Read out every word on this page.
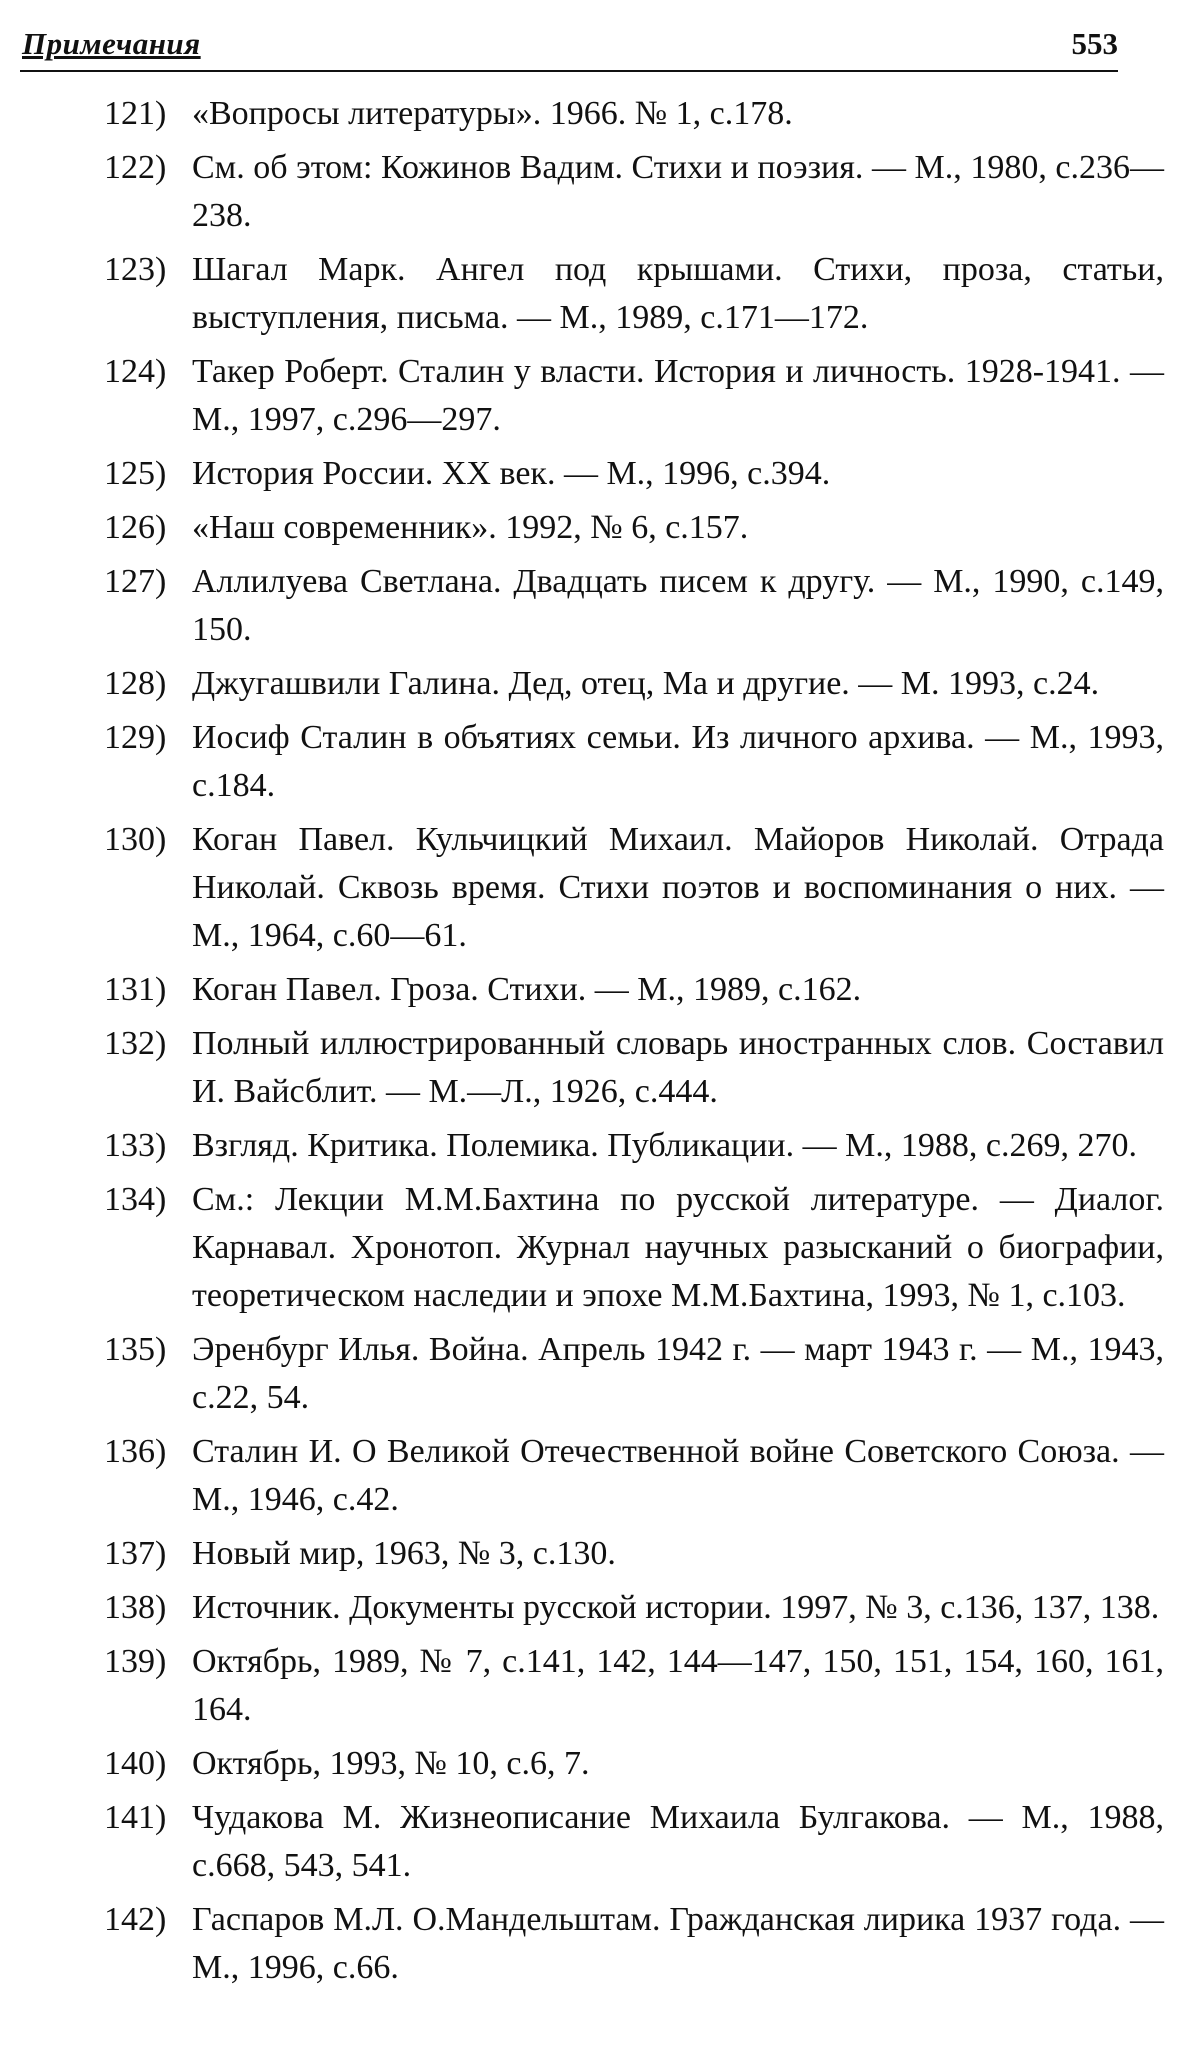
Примечания	553
121) «Вопросы литературы». 1966. № 1, с.178.
122) См. об этом: Кожинов Вадим. Стихи и поэзия. — М., 1980, с.236—238.
123) Шагал Марк. Ангел под крышами. Стихи, проза, статьи, выступления, письма. — М., 1989, с.171—172.
124) Такер Роберт. Сталин у власти. История и личность. 1928-1941. — М., 1997, с.296—297.
125) История России. XX век. — М., 1996, с.394.
126) «Наш современник». 1992, № 6, с.157.
127) Аллилуева Светлана. Двадцать писем к другу. — М., 1990, с.149, 150.
128) Джугашвили Галина. Дед, отец, Ма и другие. — М. 1993, с.24.
129) Иосиф Сталин в объятиях семьи. Из личного архива. — М., 1993, с.184.
130) Коган Павел. Кульчицкий Михаил. Майоров Николай. Отрада Николай. Сквозь время. Стихи поэтов и воспоминания о них. — М., 1964, с.60—61.
131) Коган Павел. Гроза. Стихи. — М., 1989, с.162.
132) Полный иллюстрированный словарь иностранных слов. Составил И. Вайсблит. — М.—Л., 1926, с.444.
133) Взгляд. Критика. Полемика. Публикации. — М., 1988, с.269, 270.
134) См.: Лекции М.М.Бахтина по русской литературе. — Диалог. Карнавал. Хронотоп. Журнал научных разысканий о биографии, теоретическом наследии и эпохе М.М.Бахтина, 1993, № 1, с.103.
135) Эренбург Илья. Война. Апрель 1942 г. — март 1943 г. — М., 1943, с.22, 54.
136) Сталин И. О Великой Отечественной войне Советского Союза. — М., 1946, с.42.
137) Новый мир, 1963, № 3, с.130.
138) Источник. Документы русской истории. 1997, № 3, с.136, 137, 138.
139) Октябрь, 1989, № 7, с.141, 142, 144—147, 150, 151, 154, 160, 161, 164.
140) Октябрь, 1993, № 10, с.6, 7.
141) Чудакова М. Жизнеописание Михаила Булгакова. — М., 1988, с.668, 543, 541.
142) Гаспаров М.Л. О.Мандельштам. Гражданская лирика 1937 года. — М., 1996, с.66.
